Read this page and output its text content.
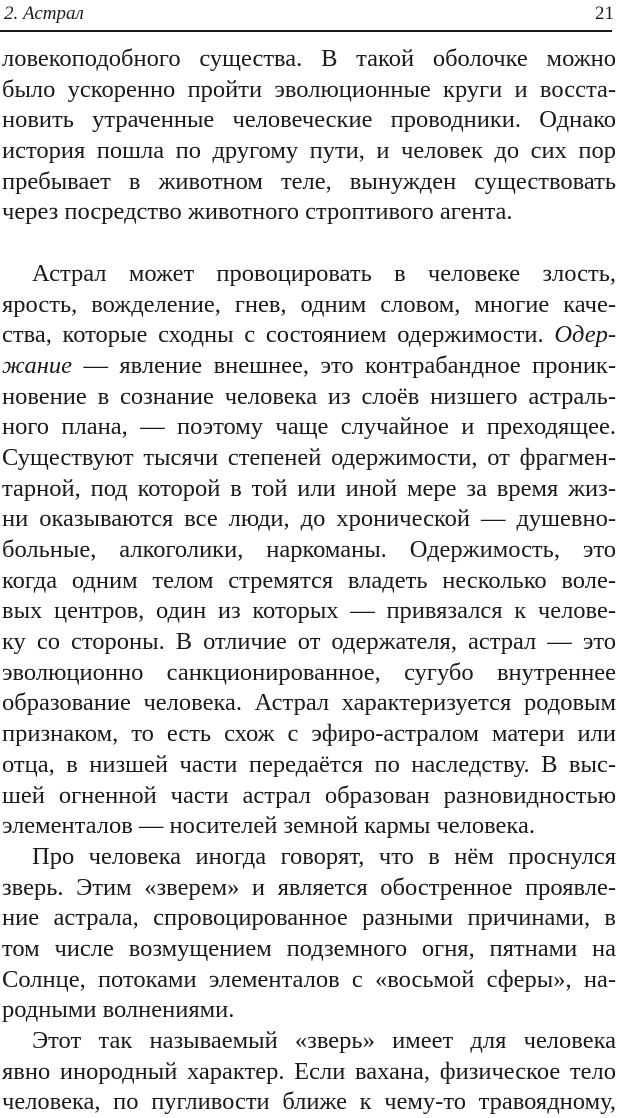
2. Астрал	21
ловекоподобного существа. В такой оболочке можно
было ускоренно пройти эволюционные круги и восста-
новить утраченные человеческие проводники. Однако
история пошла по другому пути, и человек до сих пор
пребывает в животном теле, вынужден существовать
через посредство животного строптивого агента.
Астрал может провоцировать в человеке злость,
ярость, вожделение, гнев, одним словом, многие каче-
ства, которые сходны с состоянием одержимости. Одер-
жание — явление внешнее, это контрабандное проник-
новение в сознание человека из слоёв низшего астраль-
ного плана, — поэтому чаще случайное и преходящее.
Существуют тысячи степеней одержимости, от фрагмен-
тарной, под которой в той или иной мере за время жиз-
ни оказываются все люди, до хронической — душевно-
больные, алкоголики, наркоманы. Одержимость, это
когда одним телом стремятся владеть несколько воле-
вых центров, один из которых — привязался к челове-
ку со стороны. В отличие от одержателя, астрал — это
эволюционно санкционированное, сугубо внутреннее
образование человека. Астрал характеризуется родовым
признаком, то есть схож с эфиро-астралом матери или
отца, в низшей части передаётся по наследству. В выс-
шей огненной части астрал образован разновидностью
элементалов — носителей земной кармы человека.
Про человека иногда говорят, что в нём проснулся
зверь. Этим «зверем» и является обостренное проявле-
ние астрала, спровоцированное разными причинами, в
том числе возмущением подземного огня, пятнами на
Солнце, потоками элементалов с «восьмой сферы», на-
родными волнениями.
Этот так называемый «зверь» имеет для человека
явно инородный характер. Если вахана, физическое тело
человека, по пугливости ближе к чему-то травоядному,
